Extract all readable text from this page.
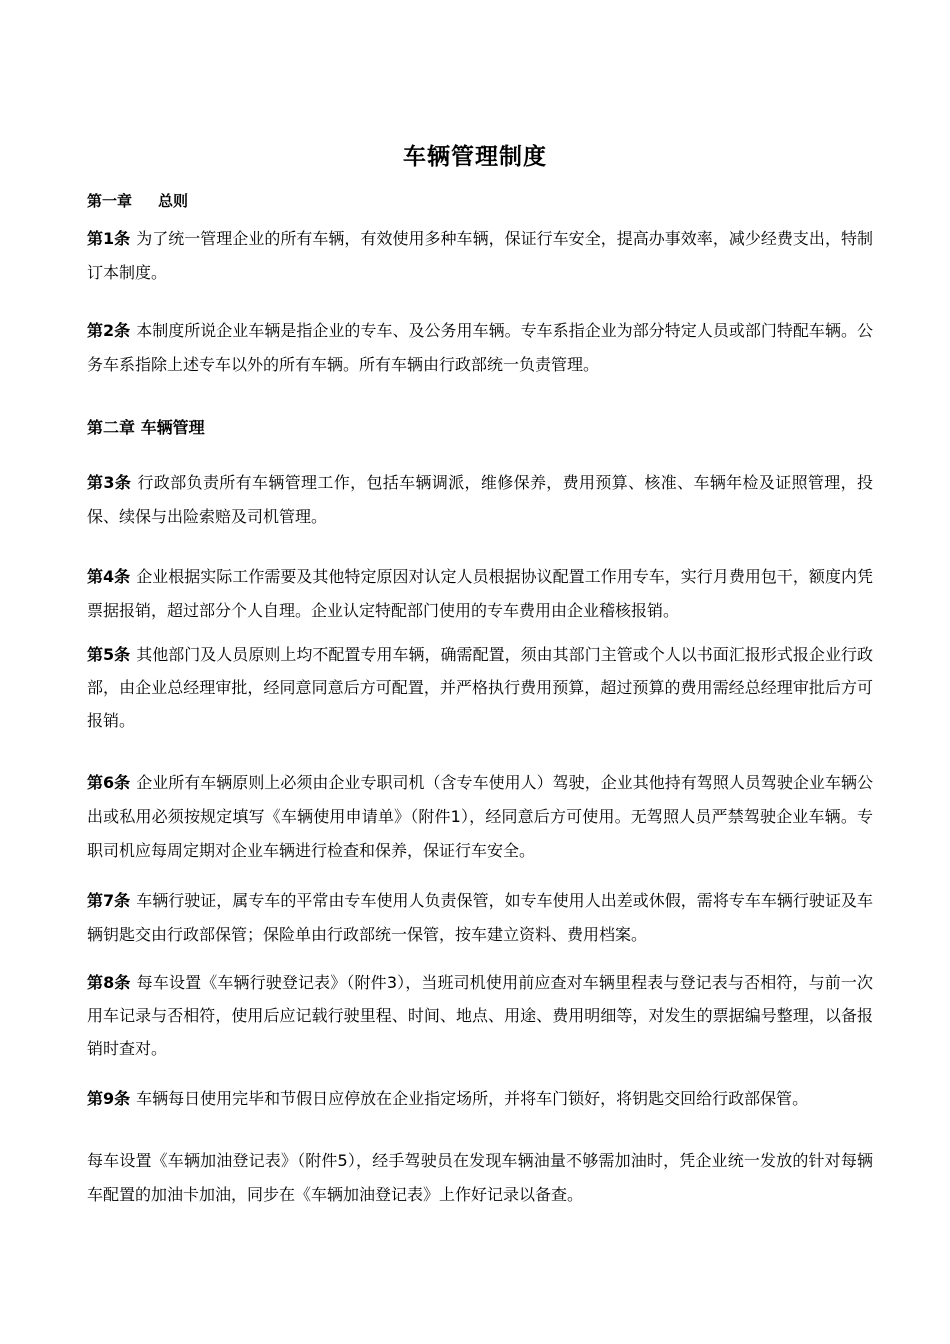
车辆管理制度
第一章 总则
第1条 为了统一管理企业的所有车辆，有效使用多种车辆，保证行车安全，提高办事效率，减少经费支出，特制订本制度。
第2条 本制度所说企业车辆是指企业的专车、及公务用车辆。专车系指企业为部分特定人员或部门特配车辆。公务车系指除上述专车以外的所有车辆。所有车辆由行政部统一负责管理。
第二章 车辆管理
第3条 行政部负责所有车辆管理工作，包括车辆调派，维修保养，费用预算、核准、车辆年检及证照管理，投保、续保与出险索赔及司机管理。
第4条 企业根据实际工作需要及其他特定原因对认定人员根据协议配置工作用专车，实行月费用包干，额度内凭票据报销，超过部分个人自理。企业认定特配部门使用的专车费用由企业稽核报销。
第5条 其他部门及人员原则上均不配置专用车辆，确需配置，须由其部门主管或个人以书面汇报形式报企业行政部，由企业总经理审批，经同意同意后方可配置，并严格执行费用预算，超过预算的费用需经总经理审批后方可报销。
第6条 企业所有车辆原则上必须由企业专职司机（含专车使用人）驾驶，企业其他持有驾照人员驾驶企业车辆公出或私用必须按规定填写《车辆使用申请单》（附件1），经同意后方可使用。无驾照人员严禁驾驶企业车辆。专职司机应每周定期对企业车辆进行检查和保养，保证行车安全。
第7条 车辆行驶证，属专车的平常由专车使用人负责保管，如专车使用人出差或休假，需将专车车辆行驶证及车辆钥匙交由行政部保管；保险单由行政部统一保管，按车建立资料、费用档案。
第8条 每车设置《车辆行驶登记表》（附件3），当班司机使用前应查对车辆里程表与登记表与否相符，与前一次用车记录与否相符，使用后应记载行驶里程、时间、地点、用途、费用明细等，对发生的票据编号整理，以备报销时查对。
第9条 车辆每日使用完毕和节假日应停放在企业指定场所，并将车门锁好，将钥匙交回给行政部保管。
每车设置《车辆加油登记表》（附件5），经手驾驶员在发现车辆油量不够需加油时，凭企业统一发放的针对每辆车配置的加油卡加油，同步在《车辆加油登记表》上作好记录以备查。
